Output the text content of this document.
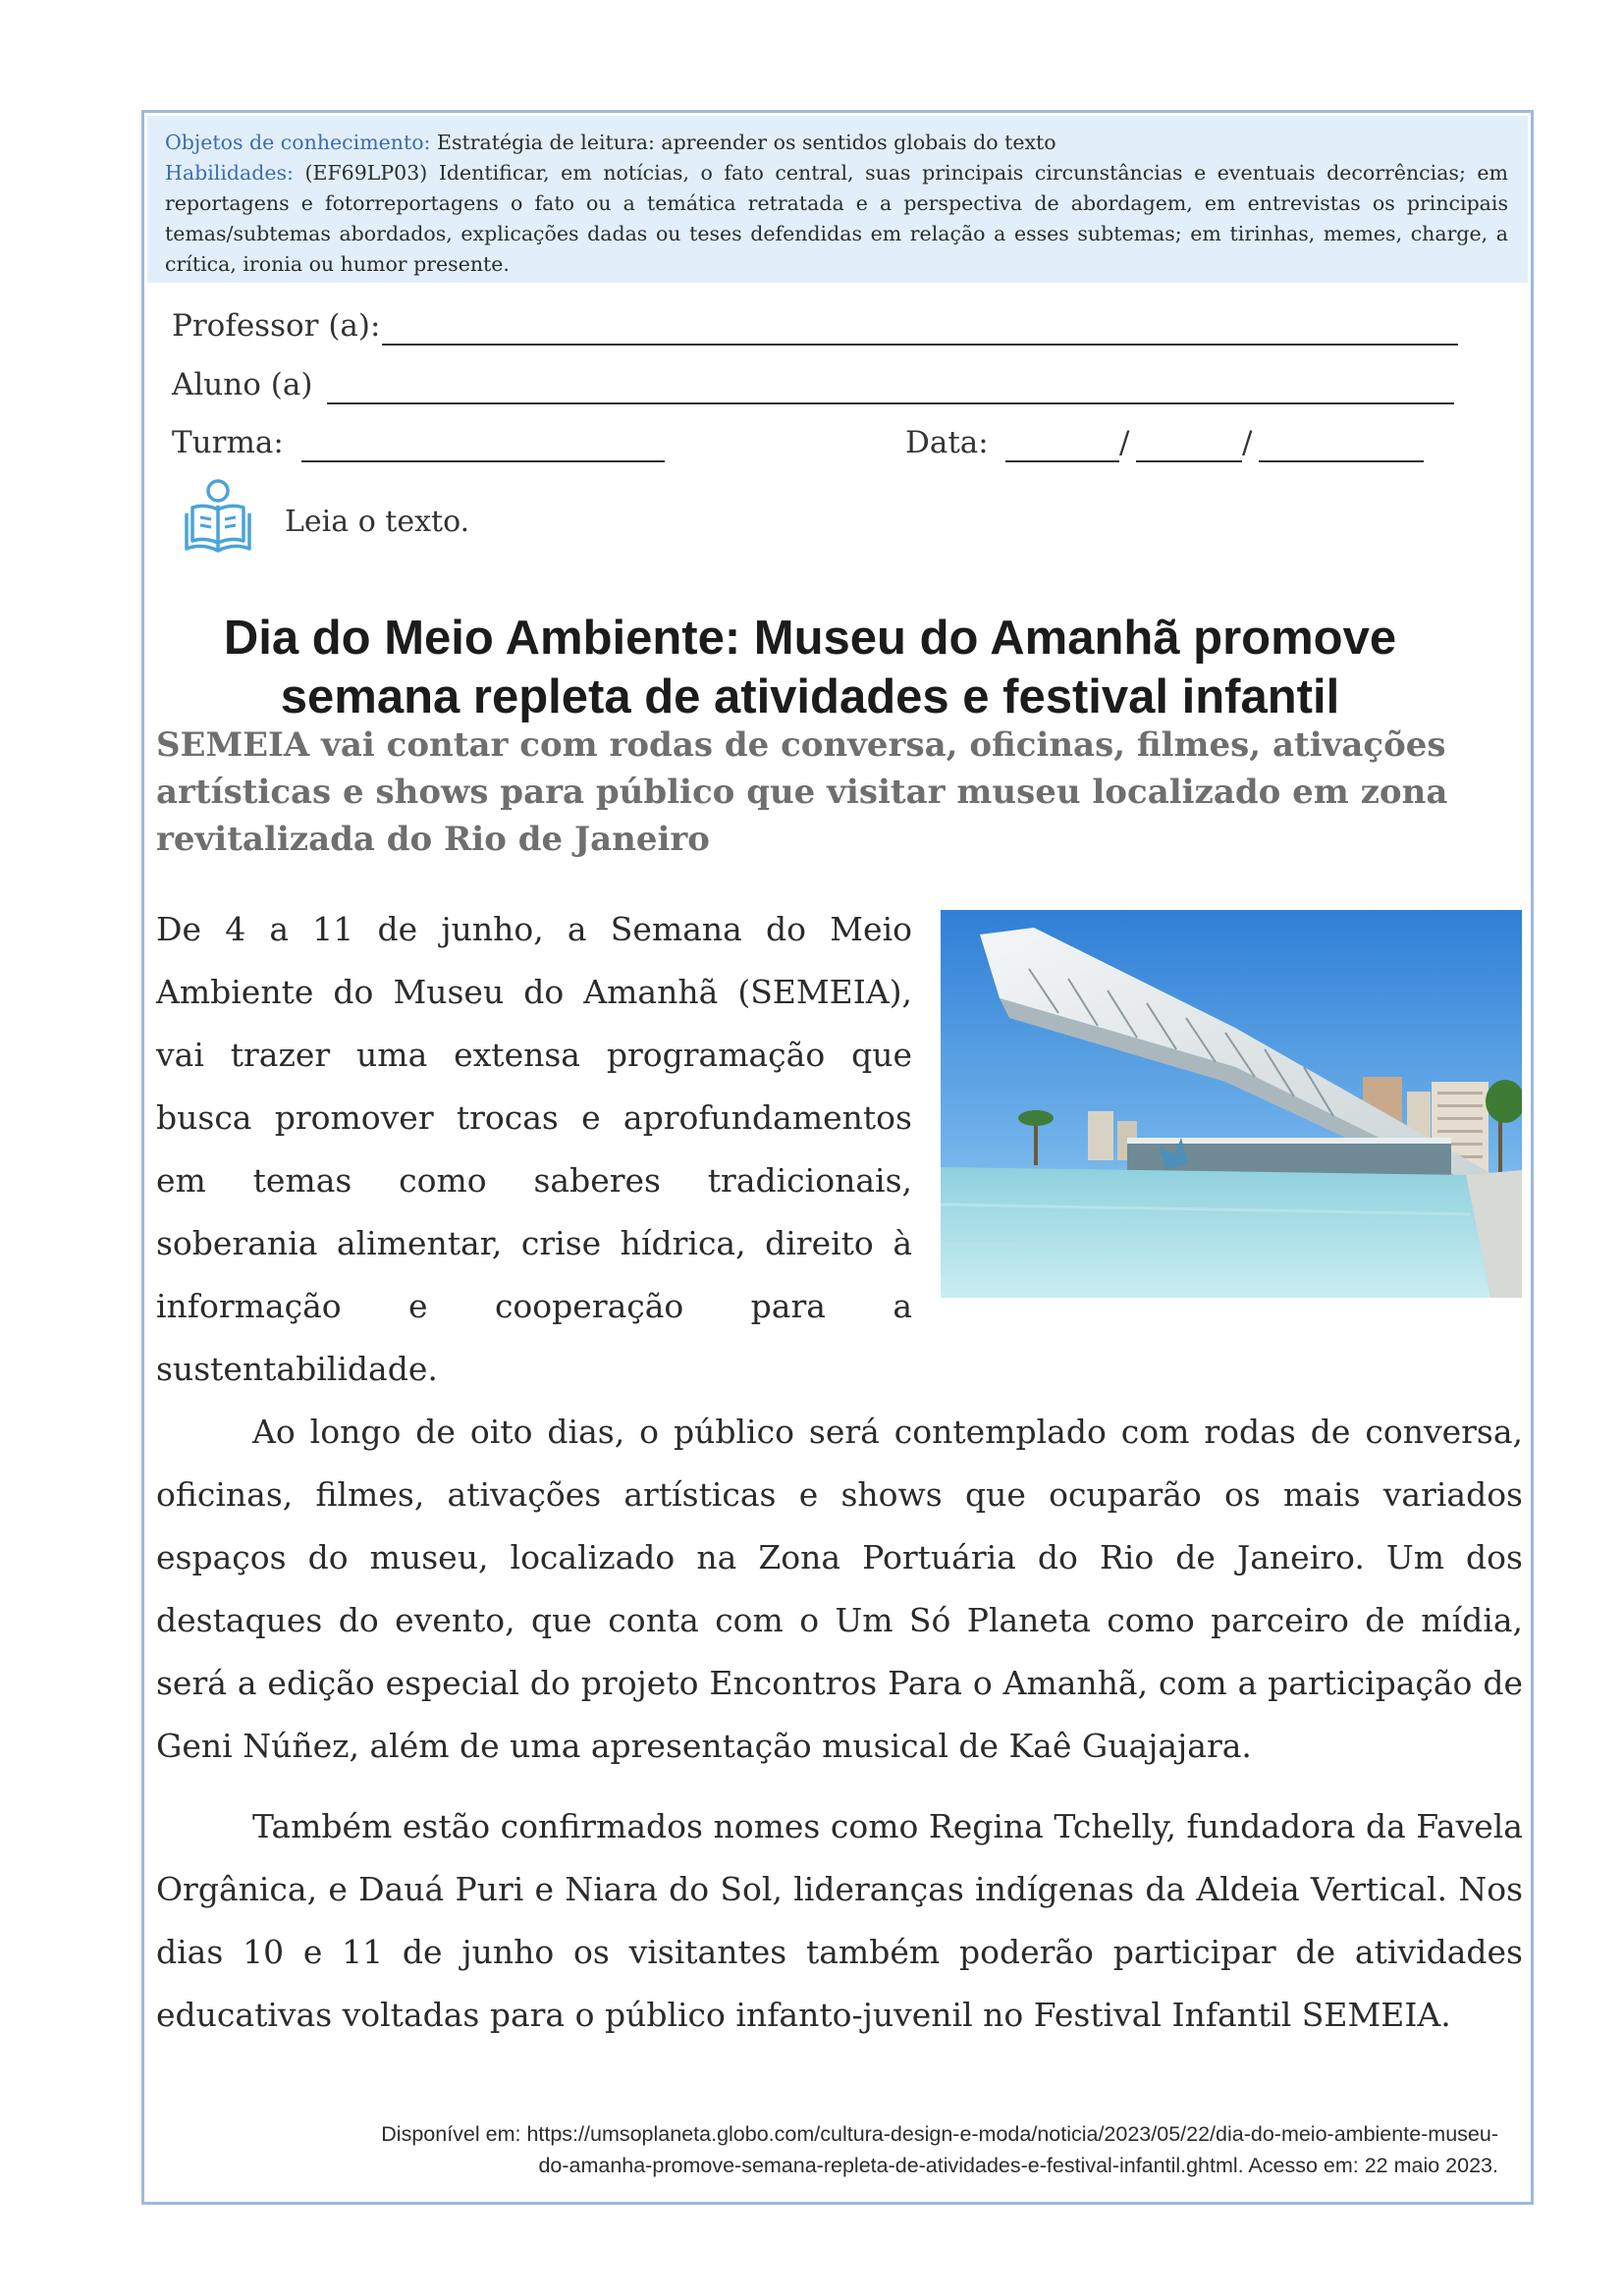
Objetos de conhecimento: Estratégia de leitura: apreender os sentidos globais do texto
Habilidades: (EF69LP03) Identificar, em notícias, o fato central, suas principais circunstâncias e eventuais decorrências; em reportagens e fotorreportagens o fato ou a temática retratada e a perspectiva de abordagem, em entrevistas os principais temas/subtemas abordados, explicações dadas ou teses defendidas em relação a esses subtemas; em tirinhas, memes, charge, a crítica, ironia ou humor presente.
Professor (a):
Aluno (a)
Turma:	Data:	/	/
Leia o texto.
Dia do Meio Ambiente: Museu do Amanhã promove semana repleta de atividades e festival infantil
SEMEIA vai contar com rodas de conversa, oficinas, filmes, ativações artísticas e shows para público que visitar museu localizado em zona revitalizada do Rio de Janeiro
De 4 a 11 de junho, a Semana do Meio Ambiente do Museu do Amanhã (SEMEIA), vai trazer uma extensa programação que busca promover trocas e aprofundamentos em temas como saberes tradicionais, soberania alimentar, crise hídrica, direito à informação e cooperação para a
sustentabilidade.
Ao longo de oito dias, o público será contemplado com rodas de conversa, oficinas, filmes, ativações artísticas e shows que ocuparão os mais variados espaços do museu, localizado na Zona Portuária do Rio de Janeiro. Um dos destaques do evento, que conta com o Um Só Planeta como parceiro de mídia, será a edição especial do projeto Encontros Para o Amanhã, com a participação de Geni Núñez, além de uma apresentação musical de Kaê Guajajara.
Também estão confirmados nomes como Regina Tchelly, fundadora da Favela Orgânica, e Dauá Puri e Niara do Sol, lideranças indígenas da Aldeia Vertical. Nos dias 10 e 11 de junho os visitantes também poderão participar de atividades educativas voltadas para o público infanto-juvenil no Festival Infantil SEMEIA.
Disponível em: https://umsoplaneta.globo.com/cultura-design-e-moda/noticia/2023/05/22/dia-do-meio-ambiente-museu-
do-amanha-promove-semana-repleta-de-atividades-e-festival-infantil.ghtml. Acesso em: 22 maio 2023.
